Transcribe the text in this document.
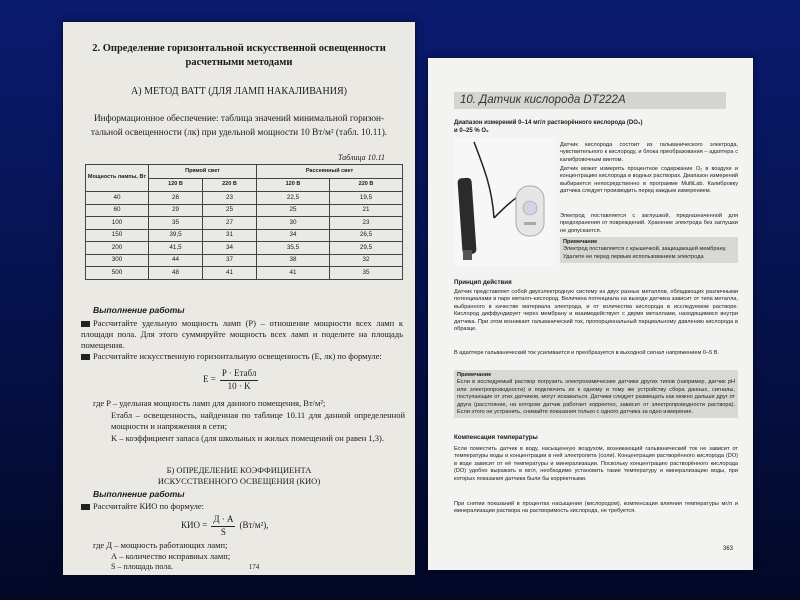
2. Определение горизонтальной искусственной освещенности
расчетными методами
А) МЕТОД ВАТТ (ДЛЯ ЛАМП НАКАЛИВАНИЯ)
Информационное обеспечение: таблица значений минимальной горизон-
тальной освещенности (лк) при удельной мощности 10 Вт/м² (табл. 10.11).
Таблица 10.11
Мощность лампы, Вт	Прямой свет		Рассеянный свет	
	120 В	220 В	120 В	220 В
40	26	23	22,5	19,5
60	29	25	25	21
100	35	27	30	23
150	39,5	31	34	26,5
200	41,5	34	35,5	29,5
300	44	37	38	32
500	48	41	41	35
Выполнение работы
Рассчитайте удельную мощность ламп (P) – отношение мощности всех ламп к площади пола. Для этого суммируйте мощность всех ламп и поделите на площадь помещения.
Рассчитайте искусственную горизонтальную освещенность (E, лк) по формуле:
E =
P · Eтабл
10 · K
где P – удельная мощность ламп для данного помещения, Вт/м²;
Eтабл – освещенность, найденная по таблице 10.11 для данной определенной мощности и напряжения в сети;
K – коэффициент запаса (для школьных и жилых помещений он равен 1,3).
Б) ОПРЕДЕЛЕНИЕ КОЭФФИЦИЕНТА
ИСКУССТВЕННОГО ОСВЕЩЕНИЯ (КИО)
Выполнение работы
Рассчитайте КИО по формуле:
КИО =
Д · А
S
(Вт/м²),
где Д – мощность работающих ламп;
А – количество исправных ламп;
S – площадь пола.	174
10. Датчик кислорода DT222A
Диапазон измерений 0–14 мг/л растворённого кислорода (DO₂)
и 0–25 % O₂
Датчик кислорода состоит из гальванического электрода, чувствительного к кислороду, и блока преобразования – адаптера с калибровочным винтом.
Датчик может измерять процентное содержание O₂ в воздухе и концентрацию кислорода в водных растворах. Диапазон измерений выбирается непосредственно в программе MultiLab. Калибровку датчика следует производить перед каждым измерением.
Электрод поставляется с заглушкой, предназначенной для предохранения от повреждений. Хранение электрода без заглушки не допускается.
Примечание
Электрод поставляется с крышечкой, защищающей мембрану. Удалите ее перед первым использованием электрода
Принцип действия
Датчик представляет собой двухэлектродную систему из двух разных металлов, обладающих различными потенциалами в паре металл–кислород. Величина потенциала на выходе датчика зависит от типа металла, выбранного в качестве материала электрода, и от количества кислорода в исследуемом растворе. Кислород диффундирует через мембрану и взаимодействует с двумя металлами, находящимися внутри датчика. При этом возникает гальванический ток, пропорциональный парциальному давлению кислорода в образце.
В адаптере гальванический ток усиливается и преобразуется в выходной сигнал напряжением 0–5 В.
Примечание
Если в исследуемый раствор погрузить электрохимические датчики других типов (например, датчик pH или электропроводности) и подключить их к одному и тому же устройству сбора данных, сигналы, поступающие от этих датчиков, могут искажаться. Датчики следует размещать как можно дальше друг от друга (расстояние, на котором датчик работает корректно, зависит от электропроводности раствора). Если этого не устранить, снимайте показания только с одного датчика за одно измерение.
Компенсация температуры
Если поместить датчик в воду, насыщенную воздухом, возникающий гальванический ток не зависит от температуры воды и концентрации в ней электролита (соли). Концентрация растворённого кислорода (DO) в воде зависит от её температуры и минерализации. Поскольку концентрацию растворённого кислорода (DO) удобно выражать в мг/л, необходимо установить такие температуру и минерализацию воды, при которых показания датчика были бы корректными.
При снятии показаний в процентах насыщения (кислородом), компенсация влияния температуры мг/л и минерализации раствора на растворимость кислорода, не требуется.
363
